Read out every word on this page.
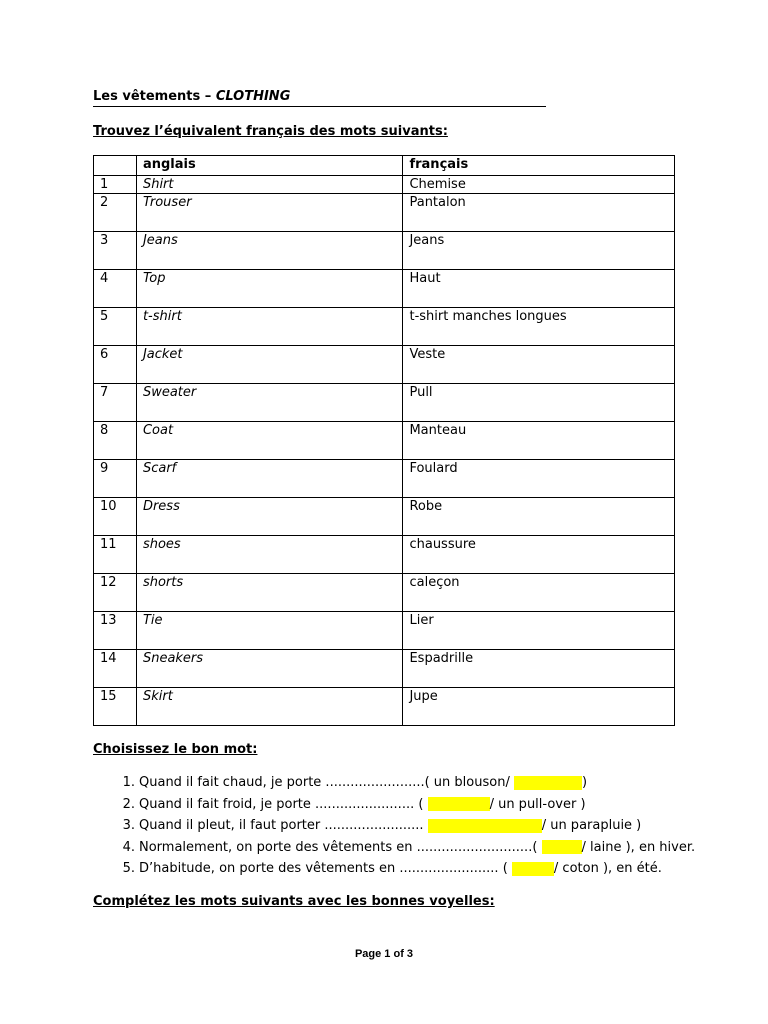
Les vêtements – CLOTHING
Trouvez l’équivalent français des mots suivants:
	anglais	français
1	Shirt	Chemise
2	Trouser	Pantalon
3	Jeans	Jeans
4	Top	Haut
5	t-shirt	t-shirt manches longues
6	Jacket	Veste
7	Sweater	Pull
8	Coat	Manteau
9	Scarf	Foulard
10	Dress	Robe
11	shoes	chaussure
12	shorts	caleçon
13	Tie	Lier
14	Sneakers	Espadrille
15	Skirt	Jupe
Choisissez le bon mot:
1. Quand il fait chaud, je porte ........................( un blouson/	)
2. Quand il fait froid, je porte ........................ (	/ un pull-over )
3. Quand il pleut, il faut porter ........................	/ un parapluie )
4. Normalement, on porte des vêtements en ............................(	/ laine ), en hiver.
5. D’habitude, on porte des vêtements en ........................ (	/ coton ), en été.
Complétez les mots suivants avec les bonnes voyelles:
Page 1 of 3
